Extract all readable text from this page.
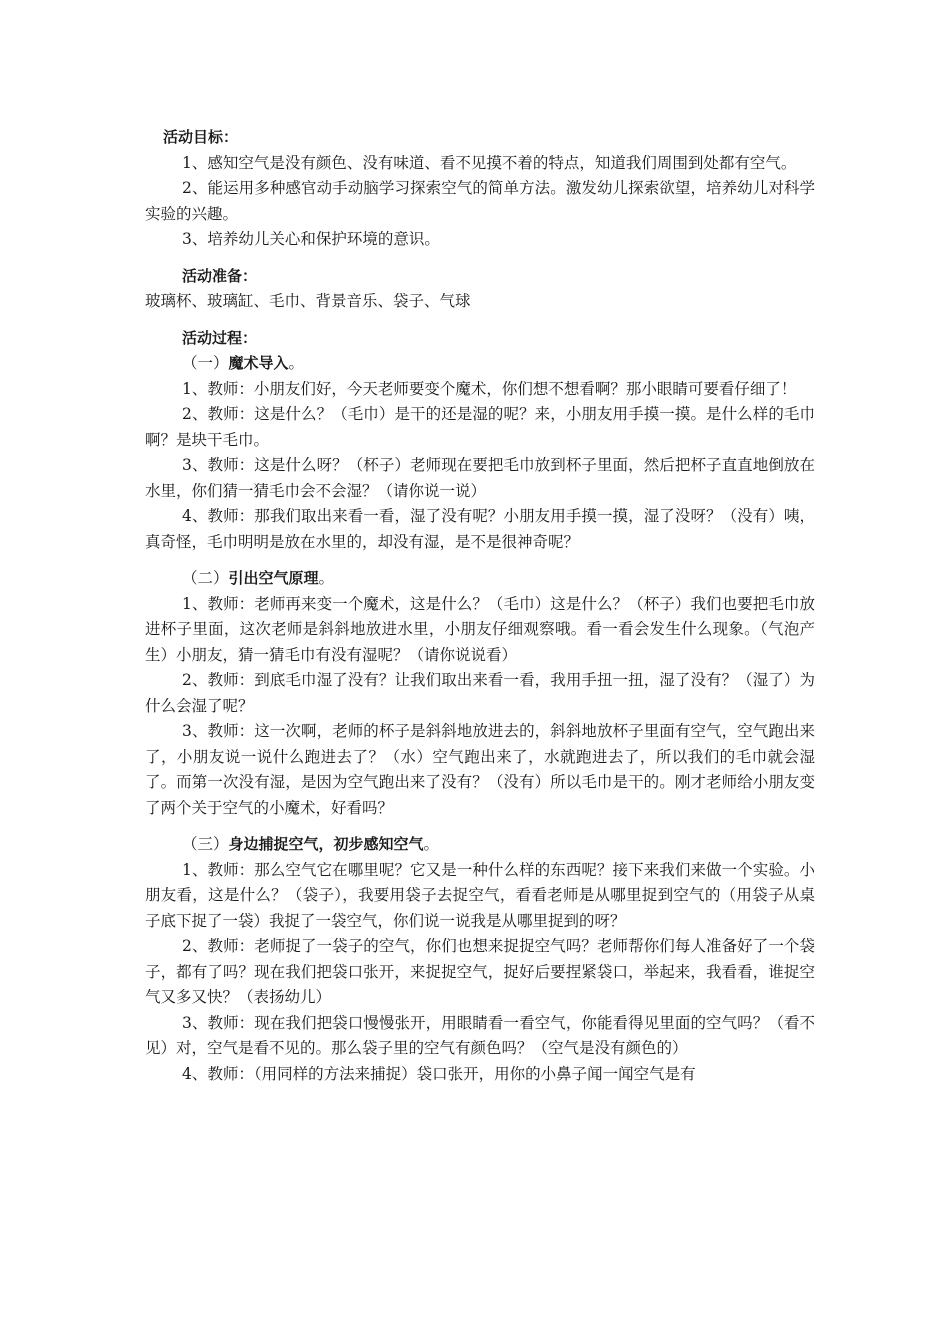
活动目标：

1、感知空气是没有颜色、没有味道、看不见摸不着的特点，知道我们周围到处都有空气。

2、能运用多种感官动手动脑学习探索空气的简单方法。激发幼儿探索欲望，培养幼儿对科学实验的兴趣。

3、培养幼儿关心和保护环境的意识。

活动准备：

玻璃杯、玻璃缸、毛巾、背景音乐、袋子、气球

活动过程：

（一）魔术导入。

1、教师：小朋友们好，今天老师要变个魔术，你们想不想看啊？那小眼睛可要看仔细了！

2、教师：这是什么？（毛巾）是干的还是湿的呢？来，小朋友用手摸一摸。是什么样的毛巾啊？是块干毛巾。

3、教师：这是什么呀？（杯子）老师现在要把毛巾放到杯子里面，然后把杯子直直地倒放在水里，你们猜一猜毛巾会不会湿？（请你说一说）

4、教师：那我们取出来看一看，湿了没有呢？小朋友用手摸一摸，湿了没呀？（没有）咦，真奇怪，毛巾明明是放在水里的，却没有湿，是不是很神奇呢？

（二）引出空气原理。

1、教师：老师再来变一个魔术，这是什么？（毛巾）这是什么？（杯子）我们也要把毛巾放进杯子里面，这次老师是斜斜地放进水里，小朋友仔细观察哦。看一看会发生什么现象。（气泡产生）小朋友，猜一猜毛巾有没有湿呢？（请你说说看）

2、教师：到底毛巾湿了没有？让我们取出来看一看，我用手扭一扭，湿了没有？（湿了）为什么会湿了呢？

3、教师：这一次啊，老师的杯子是斜斜地放进去的，斜斜地放杯子里面有空气，空气跑出来了，小朋友说一说什么跑进去了？（水）空气跑出来了，水就跑进去了，所以我们的毛巾就会湿了。而第一次没有湿，是因为空气跑出来了没有？（没有）所以毛巾是干的。刚才老师给小朋友变了两个关于空气的小魔术，好看吗？

（三）身边捕捉空气，初步感知空气。

1、教师：那么空气它在哪里呢？它又是一种什么样的东西呢？接下来我们来做一个实验。小朋友看，这是什么？（袋子），我要用袋子去捉空气，看看老师是从哪里捉到空气的（用袋子从桌子底下捉了一袋）我捉了一袋空气，你们说一说我是从哪里捉到的呀？

2、教师：老师捉了一袋子的空气，你们也想来捉捉空气吗？老师帮你们每人准备好了一个袋子，都有了吗？现在我们把袋口张开，来捉捉空气，捉好后要捏紧袋口，举起来，我看看，谁捉空气又多又快？（表扬幼儿）

3、教师：现在我们把袋口慢慢张开，用眼睛看一看空气，你能看得见里面的空气吗？（看不见）对，空气是看不见的。那么袋子里的空气有颜色吗？（空气是没有颜色的）

4、教师：（用同样的方法来捕捉）袋口张开，用你的小鼻子闻一闻空气是有
